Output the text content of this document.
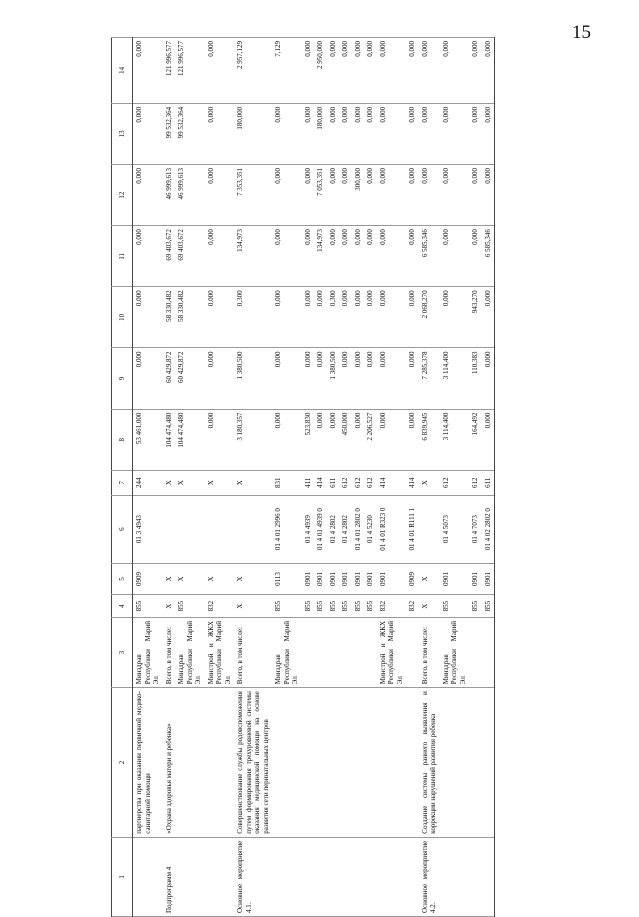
15
1	2	3	4	5	6	7	8	9	10	11	12	13	14
	партнерства при оказании первичной медико-санитарной помощи	Минздрав Республики Марий Эл	855	0909	01 3 4943	244	53 461,000	0,000	0,000	0,000	0,000	0,000	0,000
Подпрограмм 4	«Охрана здоровья матери и ребенка»	Всего, в том числе:	X	X		X	104 474,480	60 429,872	58 330,482	69 403,672	46 999,613	99 532,364	121 996,577
		Минздрав Республики Марий Эл	855	X		X	104 474,480	60 429,872	58 330,482	69 403,672	46 999,613	99 532,364	121 996,577
		Минстрой и ЖКХ Республики Марий Эл	832	X		X	0,000	0,000	0,000	0,000	0,000	0,000	0,000
Основное мероприятие 4.1.	Совершенствование службы родовспоможения путем формирования трехуровневой системы оказания медицинской помощи на основе развития сети перинатальных центров	Всего, в том числе:	X	X		X	3 180,357	1 380,500	0,300	134,973	7 353,351	180,000	2 957,129
		Минздрав Республики Марий Эл	855	0113	01 4 01 2996 0	831	0,000	0,000	0,000	0,000	0,000	0,000	7,129
			855	0901	01 4 4939	411	523,830	0,000	0,000	0,000	0,000	0,000	0,000
			855	0901	01 4 01 4939 0	414	0,000	0,000	0,000	134,973	7 053,351	180,000	2 950,000
			855	0901	01 4 2802	611	0,000	1 380,500	0,300	0,000	0,000	0,000	0,000
			855	0901	01 4 2802	612	450,000	0,000	0,000	0,000	0,000	0,000	0,000
			855	0901	01 4 01 2802 0	612	0,000	0,000	0,000	0,000	300,000	0,000	0,000
			855	0901	01 4 5230	612	2 206,527	0,000	0,000	0,000	0,000	0,000	0,000
		Минстрой и ЖКХ Республики Марий Эл	832	0901	01 4 01 R323 0	414	0,000	0,000	0,000	0,000	0,000	0,000	0,000
			832	0909	01 4 01 R111 1	414	0,000	0,000	0,000	0,000	0,000	0,000	0,000
Основное мероприятие 4.2.	Создание системы раннего выявления и коррекции нарушений развития ребенка	Всего, в том числе:	X	X		X	6 839,945	7 285,378	2 068,270	6 585,346	0,000	0,000	0,000
		Минздрав Республики Марий Эл	855	0901	01 4 5073	612	3 114,400	3 114,400	0,000	0,000	0,000	0,000	0,000
			855	0901	01 4 7073	612	164,492	110,383	943,270	0,000	0,000	0,000	0,000
			855	0901	01 4 02 2802 0	611	0,000	0,000	0,000	6 585,346	0,000	0,000	0,000
